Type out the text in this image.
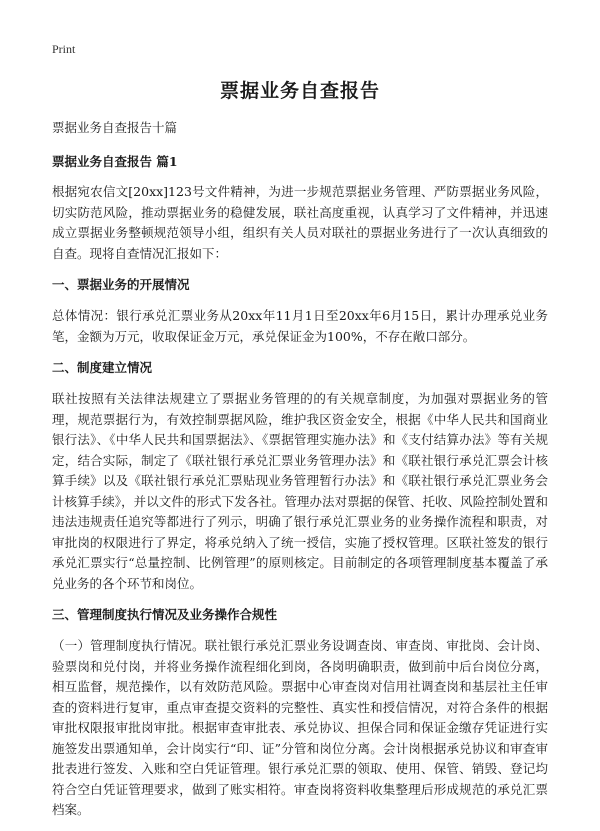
Print
票据业务自查报告

票据业务自查报告十篇

票据业务自查报告 篇1

根据宛农信文[20xx]123号文件精神，为进一步规范票据业务管理、严防票据业务风险，切实防范风险，推动票据业务的稳健发展，联社高度重视，认真学习了文件精神，并迅速成立票据业务整顿规范领导小组，组织有关人员对联社的票据业务进行了一次认真细致的自查。现将自查情况汇报如下：

一、票据业务的开展情况

总体情况：银行承兑汇票业务从20xx年11月1日至20xx年6月15日，累计办理承兑业务笔，金额为万元，收取保证金万元，承兑保证金为100%，不存在敞口部分。

二、制度建立情况

联社按照有关法律法规建立了票据业务管理的的有关规章制度，为加强对票据业务的管理，规范票据行为，有效控制票据风险，维护我区资金安全，根据《中华人民共和国商业银行法》、《中华人民共和国票据法》、《票据管理实施办法》和《支付结算办法》等有关规定，结合实际，制定了《联社银行承兑汇票业务管理办法》和《联社银行承兑汇票会计核算手续》以及《联社银行承兑汇票贴现业务管理暂行办法》和《联社银行承兑汇票业务会计核算手续》，并以文件的形式下发各社。管理办法对票据的保管、托收、风险控制处置和违法违规责任追究等都进行了列示，明确了银行承兑汇票业务的业务操作流程和职责，对审批岗的权限进行了界定，将承兑纳入了统一授信，实施了授权管理。区联社签发的银行承兑汇票实行“总量控制、比例管理”的原则核定。目前制定的各项管理制度基本覆盖了承兑业务的各个环节和岗位。

三、管理制度执行情况及业务操作合规性

（一）管理制度执行情况。联社银行承兑汇票业务设调查岗、审查岗、审批岗、会计岗、验票岗和兑付岗，并将业务操作流程细化到岗，各岗明确职责，做到前中后台岗位分离，相互监督，规范操作，以有效防范风险。票据中心审查岗对信用社调查岗和基层社主任审查的资料进行复审，重点审查提交资料的完整性、真实性和授信情况，对符合条件的根据审批权限报审批岗审批。根据审查审批表、承兑协议、担保合同和保证金缴存凭证进行实施签发出票通知单，会计岗实行“印、证”分管和岗位分离。会计岗根据承兑协议和审查审批表进行签发、入账和空白凭证管理。银行承兑汇票的领取、使用、保管、销毁、登记均符合空白凭证管理要求，做到了账实相符。审查岗将资料收集整理后形成规范的承兑汇票档案。
